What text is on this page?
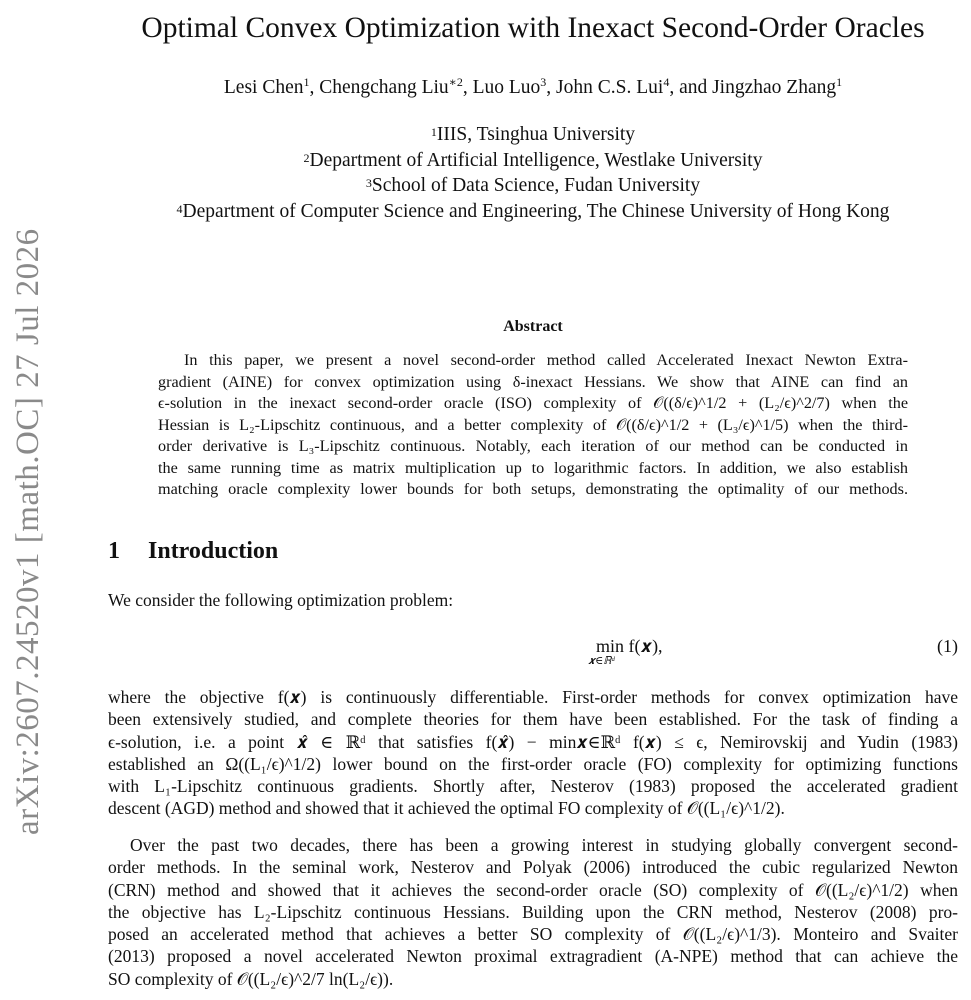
arXiv:2607.24520v1 [math.OC] 27 Jul 2026
Optimal Convex Optimization with Inexact Second-Order Oracles
Lesi Chen$^1$, Chengchang Liu$^{∗2}$, Luo Luo$^3$, John C.S. Lui$^4$, and Jingzhao Zhang$^1$
$^1$IIIS, Tsinghua University
$^2$Department of Artificial Intelligence, Westlake University
$^3$School of Data Science, Fudan University
$^4$Department of Computer Science and Engineering, The Chinese University of Hong Kong
Abstract
In this paper, we present a novel second-order method called Accelerated Inexact Newton Extra-
gradient (AINE) for convex optimization using δ-inexact Hessians. We show that AINE can find an
ϵ-solution in the inexact second-order oracle (ISO) complexity of 𝒪((δ/ϵ)^1/2 + (L₂/ϵ)^2/7) when the
Hessian is L₂-Lipschitz continuous, and a better complexity of 𝒪((δ/ϵ)^1/2 + (L₃/ϵ)^1/5) when the third-
order derivative is L₃-Lipschitz continuous. Notably, each iteration of our method can be conducted in
the same running time as matrix multiplication up to logarithmic factors. In addition, we also establish
matching oracle complexity lower bounds for both setups, demonstrating the optimality of our methods.
1 Introduction
We consider the following optimization problem:
min f(𝒙),
𝒙∈ℝᵈ
(1)
where the objective f(𝒙) is continuously differentiable. First-order methods for convex optimization have
been extensively studied, and complete theories for them have been established. For the task of finding a
ϵ-solution, i.e. a point 𝒙̂ ∈ ℝᵈ that satisfies f(𝒙̂) − min𝒙∈ℝᵈ f(𝒙) ≤ ϵ, Nemirovskij and Yudin (1983)
established an Ω((L₁/ϵ)^1/2) lower bound on the first-order oracle (FO) complexity for optimizing functions
with L₁-Lipschitz continuous gradients. Shortly after, Nesterov (1983) proposed the accelerated gradient
descent (AGD) method and showed that it achieved the optimal FO complexity of 𝒪((L₁/ϵ)^1/2).
Over the past two decades, there has been a growing interest in studying globally convergent second-
order methods. In the seminal work, Nesterov and Polyak (2006) introduced the cubic regularized Newton
(CRN) method and showed that it achieves the second-order oracle (SO) complexity of 𝒪((L₂/ϵ)^1/2) when
the objective has L₂-Lipschitz continuous Hessians. Building upon the CRN method, Nesterov (2008) pro-
posed an accelerated method that achieves a better SO complexity of 𝒪((L₂/ϵ)^1/3). Monteiro and Svaiter
(2013) proposed a novel accelerated Newton proximal extragradient (A-NPE) method that can achieve the
SO complexity of 𝒪((L₂/ϵ)^2/7 ln(L₂/ϵ)).
